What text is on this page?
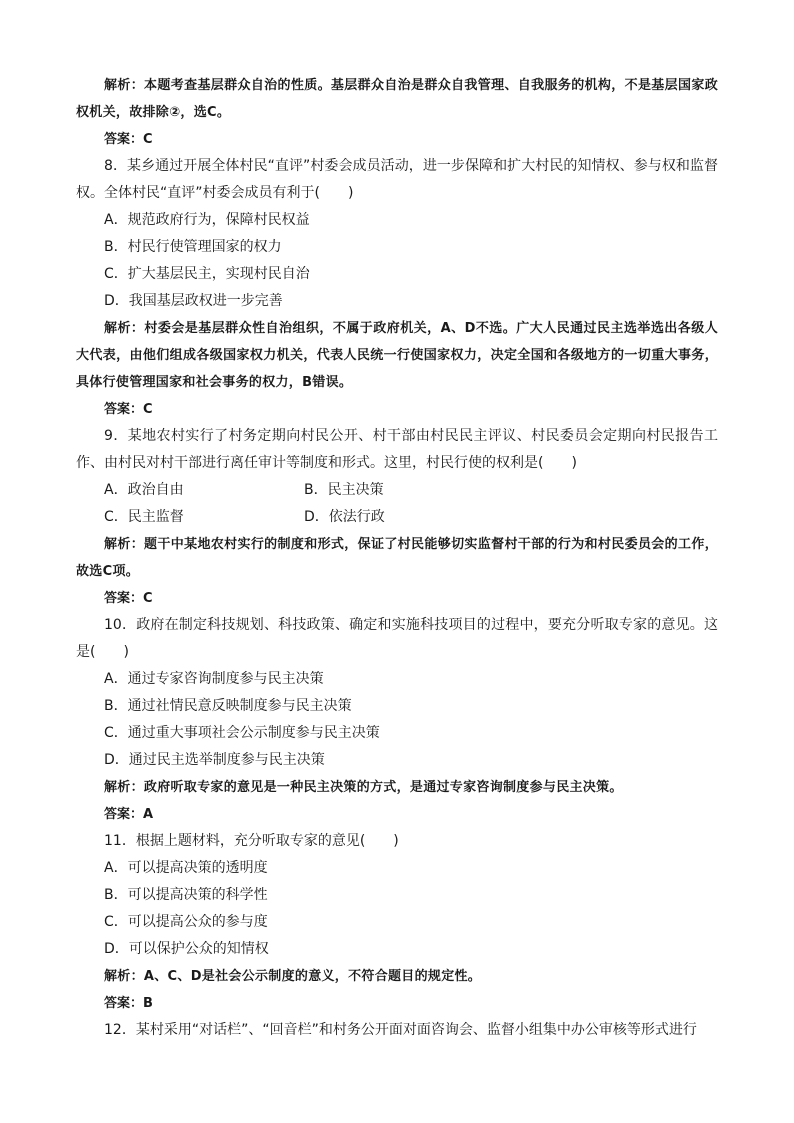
解析：本题考查基层群众自治的性质。基层群众自治是群众自我管理、自我服务的机构，不是基层国家政权机关，故排除②，选C。

答案：C

8．某乡通过开展全体村民“直评”村委会成员活动，进一步保障和扩大村民的知情权、参与权和监督权。全体村民“直评”村委会成员有利于(　　)

A．规范政府行为，保障村民权益

B．村民行使管理国家的权力

C．扩大基层民主，实现村民自治

D．我国基层政权进一步完善

解析：村委会是基层群众性自治组织，不属于政府机关，A、D不选。广大人民通过民主选举选出各级人大代表，由他们组成各级国家权力机关，代表人民统一行使国家权力，决定全国和各级地方的一切重大事务，具体行使管理国家和社会事务的权力，B错误。

答案：C

9．某地农村实行了村务定期向村民公开、村干部由村民民主评议、村民委员会定期向村民报告工作、由村民对村干部进行离任审计等制度和形式。这里，村民行使的权利是(　　)

A．政治自由	B．民主决策
C．民主监督	D．依法行政

解析：题干中某地农村实行的制度和形式，保证了村民能够切实监督村干部的行为和村民委员会的工作，故选C项。

答案：C

10．政府在制定科技规划、科技政策、确定和实施科技项目的过程中，要充分听取专家的意见。这是(　　)

A．通过专家咨询制度参与民主决策

B．通过社情民意反映制度参与民主决策

C．通过重大事项社会公示制度参与民主决策

D．通过民主选举制度参与民主决策

解析：政府听取专家的意见是一种民主决策的方式，是通过专家咨询制度参与民主决策。

答案：A

11．根据上题材料，充分听取专家的意见(　　)

A．可以提高决策的透明度

B．可以提高决策的科学性

C．可以提高公众的参与度

D．可以保护公众的知情权

解析：A、C、D是社会公示制度的意义，不符合题目的规定性。

答案：B

12．某村采用“对话栏”、“回音栏”和村务公开面对面咨询会、监督小组集中办公审核等形式进行
